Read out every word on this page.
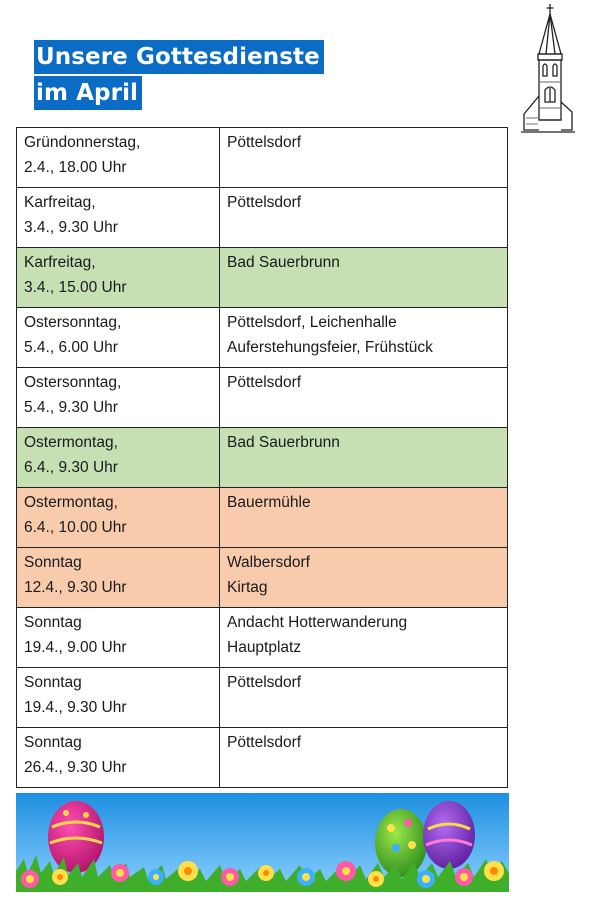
Unsere Gottesdienste
im April
Gründonnerstag,
2.4., 18.00 Uhr	Pöttelsdorf

Karfreitag,
3.4., 9.30 Uhr	Pöttelsdorf

Karfreitag,
3.4., 15.00 Uhr	Bad Sauerbrunn

Ostersonntag,
5.4., 6.00 Uhr	Pöttelsdorf, Leichenhalle
Auferstehungsfeier, Frühstück

Ostersonntag,
5.4., 9.30 Uhr	Pöttelsdorf

Ostermontag,
6.4., 9.30 Uhr	Bad Sauerbrunn

Ostermontag,
6.4., 10.00 Uhr	Bauermühle

Sonntag
12.4., 9.30 Uhr	Walbersdorf
Kirtag

Sonntag
19.4., 9.00 Uhr	Andacht Hotterwanderung
Hauptplatz

Sonntag
19.4., 9.30 Uhr	Pöttelsdorf

Sonntag
26.4., 9.30 Uhr	Pöttelsdorf
